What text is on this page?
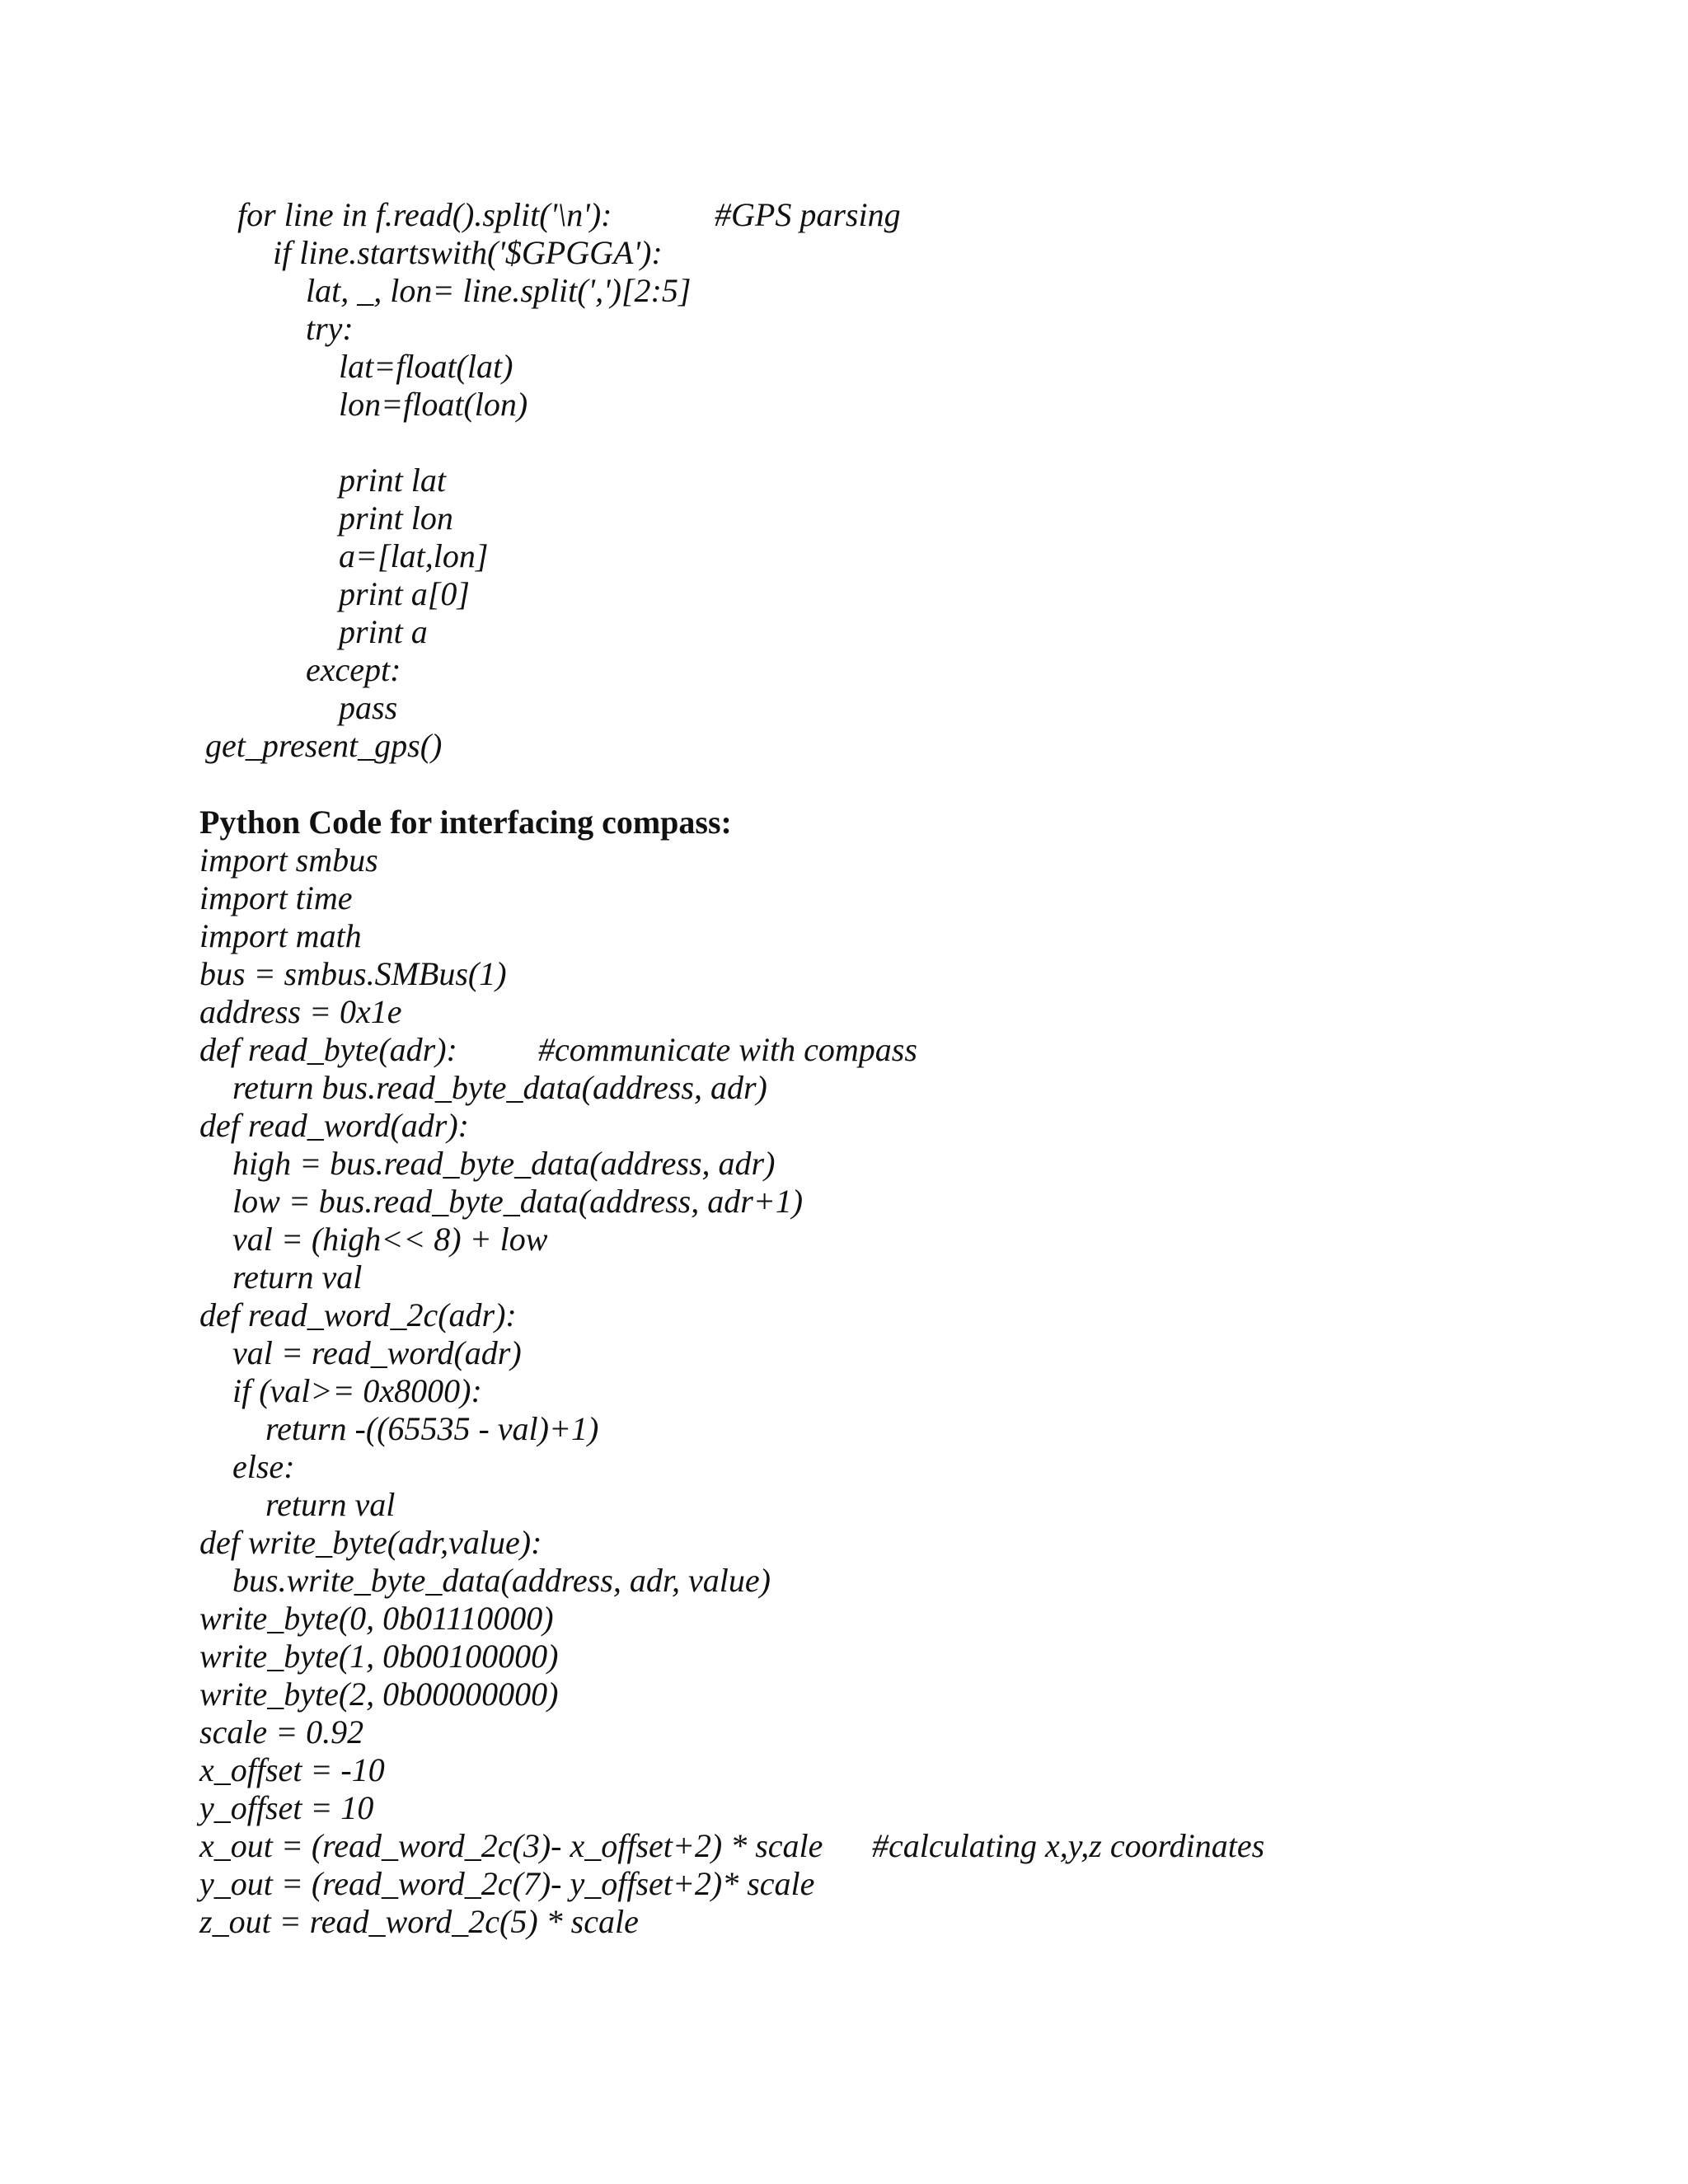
for line in f.read().split('\n'):	#GPS parsing
if line.startswith('$GPGGA'):
lat, _, lon= line.split(',')[2:5]
try:
lat=float(lat)
lon=float(lon)
print lat
print lon
a=[lat,lon]
print a[0]
print a
except:
pass
get_present_gps()
Python Code for interfacing compass:
import smbus
import time
import math
bus = smbus.SMBus(1)
address = 0x1e
def read_byte(adr): #communicate with compass
return bus.read_byte_data(address, adr)
def read_word(adr):
high = bus.read_byte_data(address, adr)
low = bus.read_byte_data(address, adr+1)
val = (high<< 8) + low
return val
def read_word_2c(adr):
val = read_word(adr)
if (val>= 0x8000):
return -((65535 - val)+1)
else:
return val
def write_byte(adr,value):
bus.write_byte_data(address, adr, value)
write_byte(0, 0b01110000)
write_byte(1, 0b00100000)
write_byte(2, 0b00000000)
scale = 0.92
x_offset = -10
y_offset = 10
x_out = (read_word_2c(3)- x_offset+2) * scale #calculating x,y,z coordinates
y_out = (read_word_2c(7)- y_offset+2)* scale
z_out = read_word_2c(5) * scale
